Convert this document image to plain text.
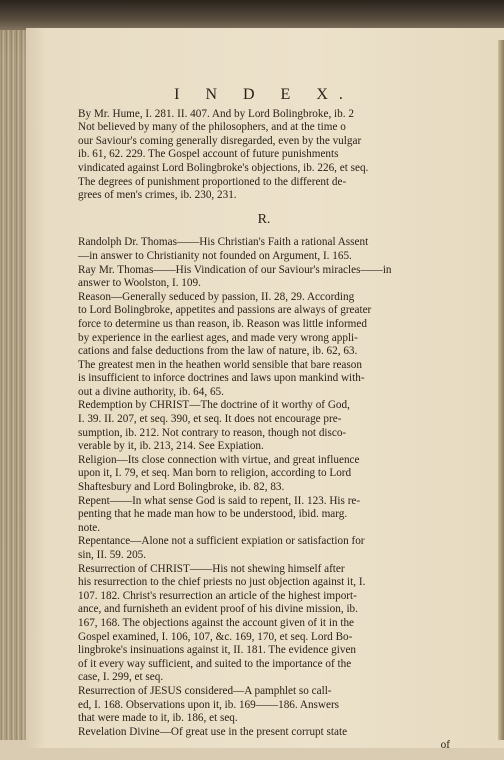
I N D E X.
By Mr. Hume, I. 281. II. 407. And by Lord Bolingbroke, ib. 2
Not believed by many of the philosophers, and at the time o
our Saviour's coming generally disregarded, even by the vulgar
ib. 61, 62. 229. The Gospel account of future punishments
vindicated against Lord Bolingbroke's objections, ib. 226, et seq.
The degrees of punishment proportioned to the different de-
grees of men's crimes, ib. 230, 231.
R.
Randolph Dr. Thomas——His Christian's Faith a rational Assent
—in answer to Christianity not founded on Argument, I. 165.
Ray Mr. Thomas——His Vindication of our Saviour's miracles——in
answer to Woolston, I. 109.
Reason—Generally seduced by passion, II. 28, 29. According
to Lord Bolingbroke, appetites and passions are always of greater
force to determine us than reason, ib. Reason was little informed
by experience in the earliest ages, and made very wrong appli-
cations and false deductions from the law of nature, ib. 62, 63.
The greatest men in the heathen world sensible that bare reason
is insufficient to inforce doctrines and laws upon mankind with-
out a divine authority, ib. 64, 65.
Redemption by CHRIST—The doctrine of it worthy of God,
I. 39. II. 207, et seq. 390, et seq. It does not encourage pre-
sumption, ib. 212. Not contrary to reason, though not disco-
verable by it, ib. 213, 214. See Expiation.
Religion—Its close connection with virtue, and great influence
upon it, I. 79, et seq. Man born to religion, according to Lord
Shaftesbury and Lord Bolingbroke, ib. 82, 83.
Repent——In what sense God is said to repent, II. 123. His re-
penting that he made man how to be understood, ibid. marg.
note.
Repentance—Alone not a sufficient expiation or satisfaction for
sin, II. 59. 205.
Resurrection of CHRIST——His not shewing himself after
his resurrection to the chief priests no just objection against it, I.
107. 182. Christ's resurrection an article of the highest import-
ance, and furnisheth an evident proof of his divine mission, ib.
167, 168. The objections against the account given of it in the
Gospel examined, I. 106, 107, &c. 169, 170, et seq. Lord Bo-
lingbroke's insinuations against it, II. 181. The evidence given
of it every way sufficient, and suited to the importance of the
case, I. 299, et seq.
Resurrection of JESUS considered—A pamphlet so call-
ed, I. 168. Observations upon it, ib. 169——186. Answers
that were made to it, ib. 186, et seq.
Revelation Divine—Of great use in the present corrupt state
of
